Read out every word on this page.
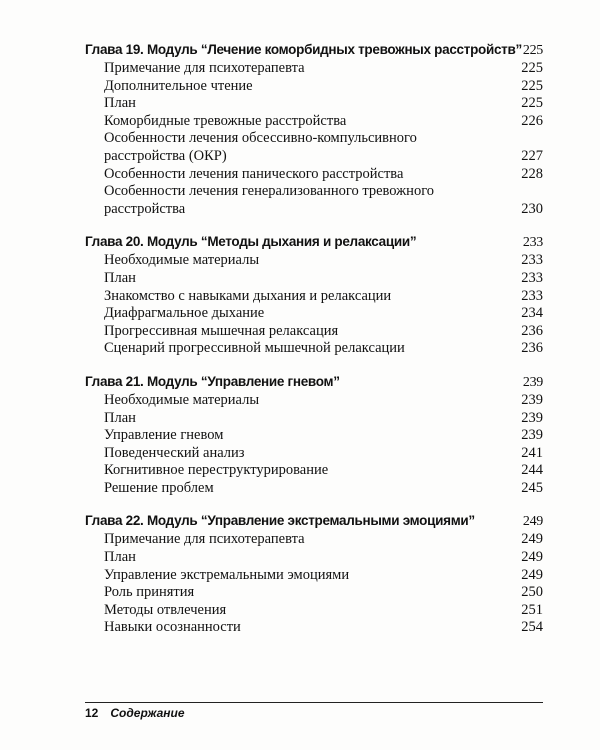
Глава 19. Модуль “Лечение коморбидных тревожных расстройств” 225
Примечание для психотерапевта	225
Дополнительное чтение	225
План	225
Коморбидные тревожные расстройства	226
Особенности лечения обсессивно-компульсивного расстройства (ОКР)	227
Особенности лечения панического расстройства	228
Особенности лечения генерализованного тревожного расстройства	230
Глава 20. Модуль “Методы дыхания и релаксации”	233
Необходимые материалы	233
План	233
Знакомство с навыками дыхания и релаксации	233
Диафрагмальное дыхание	234
Прогрессивная мышечная релаксация	236
Сценарий прогрессивной мышечной релаксации	236
Глава 21. Модуль “Управление гневом”	239
Необходимые материалы	239
План	239
Управление гневом	239
Поведенческий анализ	241
Когнитивное переструктурирование	244
Решение проблем	245
Глава 22. Модуль “Управление экстремальными эмоциями”	249
Примечание для психотерапевта	249
План	249
Управление экстремальными эмоциями	249
Роль принятия	250
Методы отвлечения	251
Навыки осознанности	254
12 Содержание
